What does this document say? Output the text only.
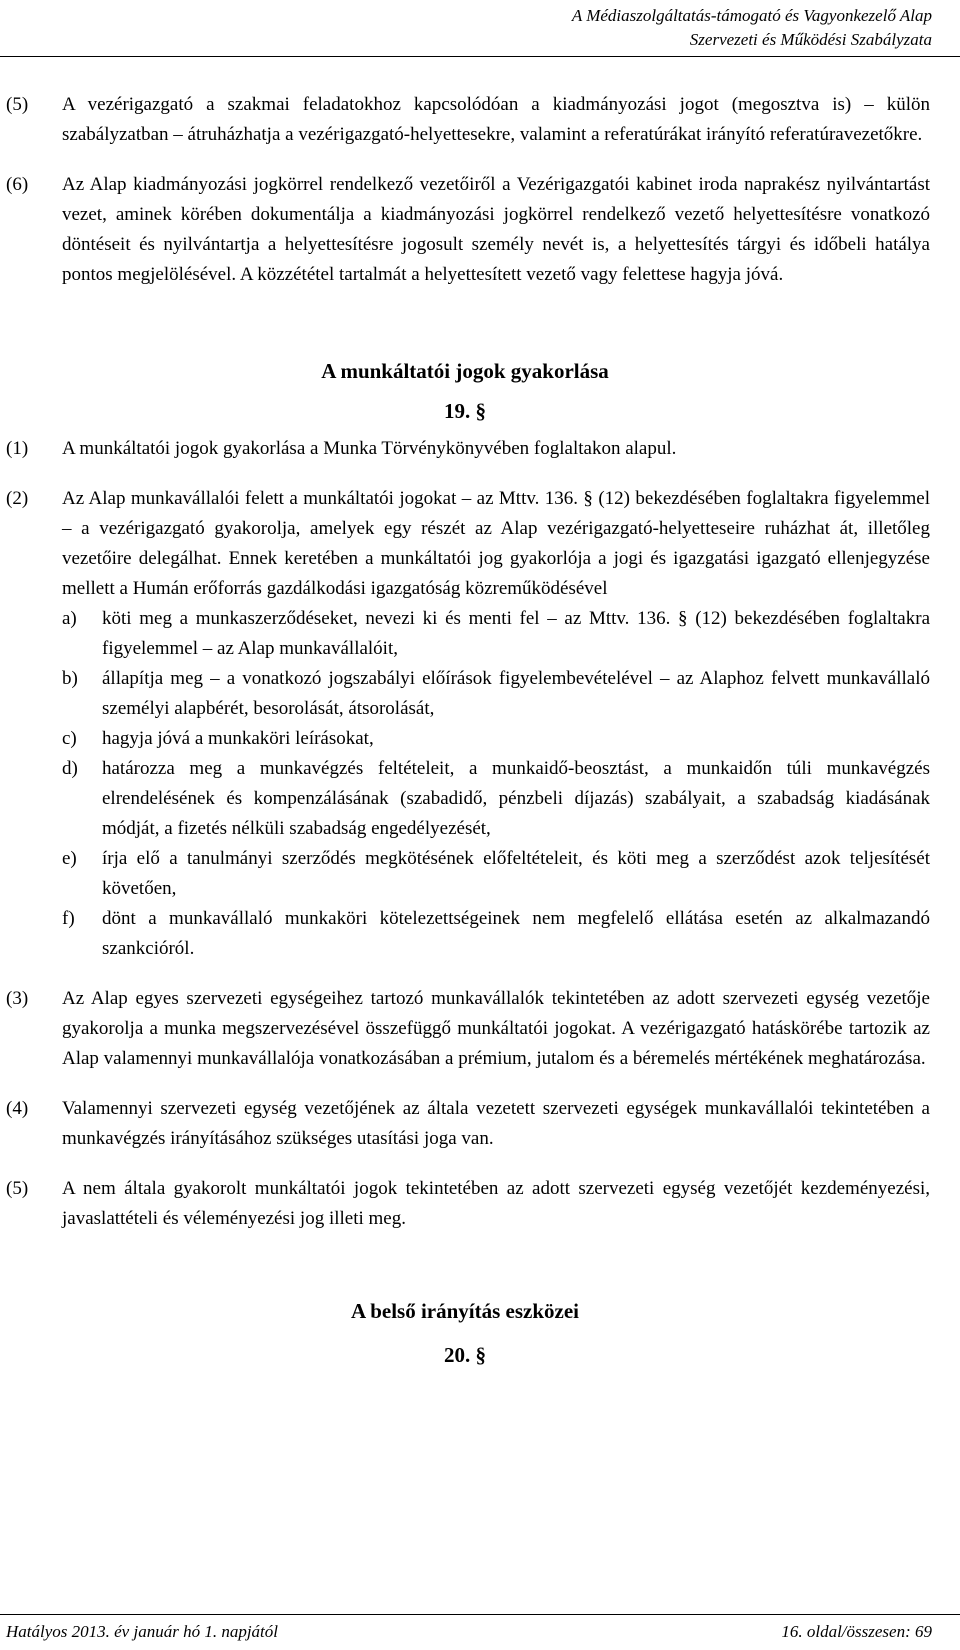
A Médiaszolgáltatás-támogató és Vagyonkezelő Alap
Szervezeti és Működési Szabályzata
(5) A vezérigazgató a szakmai feladatokhoz kapcsolódóan a kiadmányozási jogot (megosztva is) – külön szabályzatban – átruházhatja a vezérigazgató-helyettesekre, valamint a referatúrákat irányító referatúravezetőkre.
(6) Az Alap kiadmányozási jogkörrel rendelkező vezetőiről a Vezérigazgatói kabinet iroda naprakész nyilvántartást vezet, aminek körében dokumentálja a kiadmányozási jogkörrel rendelkező vezető helyettesítésre vonatkozó döntéseit és nyilvántartja a helyettesítésre jogosult személy nevét is, a helyettesítés tárgyi és időbeli hatálya pontos megjelölésével. A közzététel tartalmát a helyettesített vezető vagy felettese hagyja jóvá.
A munkáltatói jogok gyakorlása
19. §
(1) A munkáltatói jogok gyakorlása a Munka Törvénykönyvében foglaltakon alapul.
(2) Az Alap munkavállalói felett a munkáltatói jogokat – az Mttv. 136. § (12) bekezdésében foglaltakra figyelemmel – a vezérigazgató gyakorolja, amelyek egy részét az Alap vezérigazgató-helyetteseire ruházhat át, illetőleg vezetőire delegálhat. Ennek keretében a munkáltatói jog gyakorlója a jogi és igazgatási igazgató ellenjegyzése mellett a Humán erőforrás gazdálkodási igazgatóság közreműködésével
a) köti meg a munkaszerződéseket, nevezi ki és menti fel – az Mttv. 136. § (12) bekezdésében foglaltakra figyelemmel – az Alap munkavállalóit,
b) állapítja meg – a vonatkozó jogszabályi előírások figyelembevételével – az Alaphoz felvett munkavállaló személyi alapbérét, besorolását, átsorolását,
c) hagyja jóvá a munkaköri leírásokat,
d) határozza meg a munkavégzés feltételeit, a munkaidő-beosztást, a munkaidőn túli munkavégzés elrendelésének és kompenzálásának (szabadidő, pénzbeli díjazás) szabályait, a szabadság kiadásának módját, a fizetés nélküli szabadság engedélyezését,
e) írja elő a tanulmányi szerződés megkötésének előfeltételeit, és köti meg a szerződést azok teljesítését követően,
f) dönt a munkavállaló munkaköri kötelezettségeinek nem megfelelő ellátása esetén az alkalmazandó szankcióról.
(3) Az Alap egyes szervezeti egységeihez tartozó munkavállalók tekintetében az adott szervezeti egység vezetője gyakorolja a munka megszervezésével összefüggő munkáltatói jogokat. A vezérigazgató hatáskörébe tartozik az Alap valamennyi munkavállalója vonatkozásában a prémium, jutalom és a béremelés mértékének meghatározása.
(4) Valamennyi szervezeti egység vezetőjének az általa vezetett szervezeti egységek munkavállalói tekintetében a munkavégzés irányításához szükséges utasítási joga van.
(5) A nem általa gyakorolt munkáltatói jogok tekintetében az adott szervezeti egység vezetőjét kezdeményezési, javaslattételi és véleményezési jog illeti meg.
A belső irányítás eszközei
20. §
Hatályos 2013. év január hó 1. napjától	16. oldal/összesen: 69
